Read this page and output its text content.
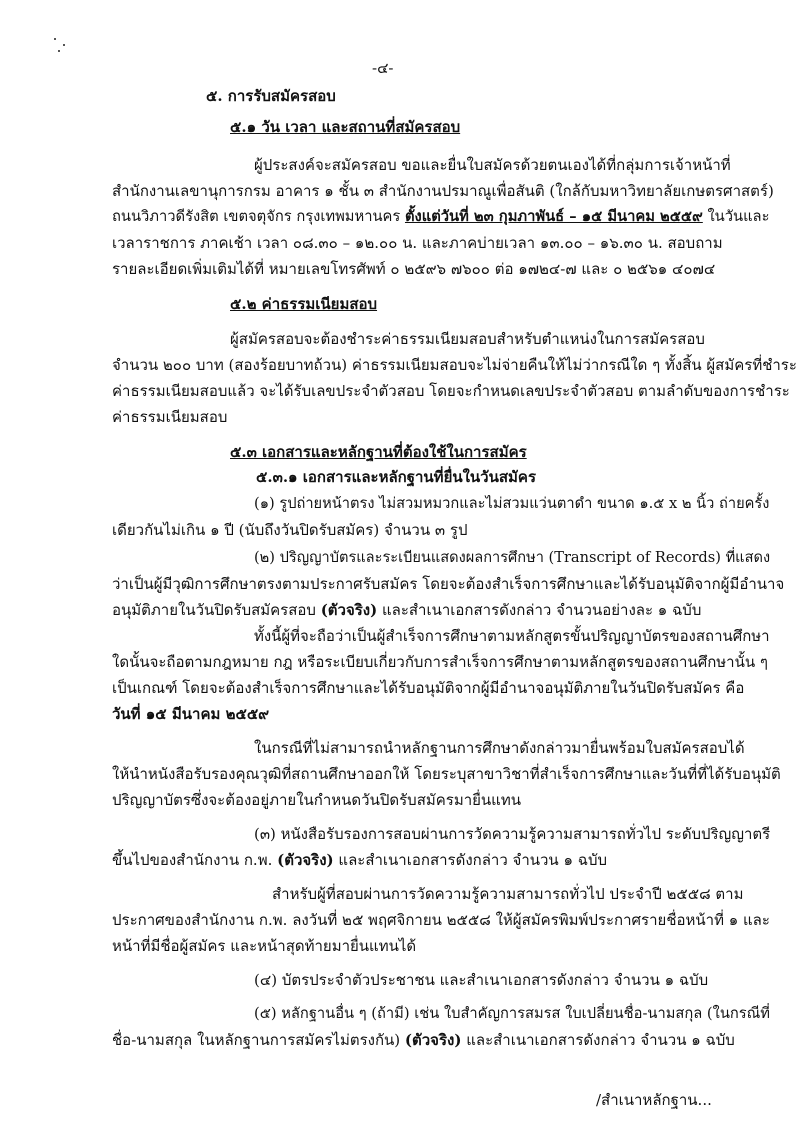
-๔-
๕. การรับสมัครสอบ
๕.๑ วัน เวลา และสถานที่สมัครสอบ
ผู้ประสงค์จะสมัครสอบ ขอและยื่นใบสมัครด้วยตนเองได้ที่กลุ่มการเจ้าหน้าที่
สำนักงานเลขานุการกรม อาคาร ๑ ชั้น ๓ สำนักงานปรมาณูเพื่อสันติ (ใกล้กับมหาวิทยาลัยเกษตรศาสตร์)
ถนนวิภาวดีรังสิต เขตจตุจักร กรุงเทพมหานคร ตั้งแต่วันที่ ๒๓ กุมภาพันธ์ – ๑๕ มีนาคม ๒๕๕๙ ในวันและ
เวลาราชการ ภาคเช้า เวลา ๐๘.๓๐ – ๑๒.๐๐ น. และภาคบ่ายเวลา ๑๓.๐๐ – ๑๖.๓๐ น. สอบถาม
รายละเอียดเพิ่มเติมได้ที่ หมายเลขโทรศัพท์ ๐ ๒๕๙๖ ๗๖๐๐ ต่อ ๑๗๒๔-๗ และ ๐ ๒๕๖๑ ๔๐๗๔
๕.๒ ค่าธรรมเนียมสอบ
ผู้สมัครสอบจะต้องชำระค่าธรรมเนียมสอบสำหรับตำแหน่งในการสมัครสอบ
จำนวน ๒๐๐ บาท (สองร้อยบาทถ้วน) ค่าธรรมเนียมสอบจะไม่จ่ายคืนให้ไม่ว่ากรณีใด ๆ ทั้งสิ้น ผู้สมัครที่ชำระ
ค่าธรรมเนียมสอบแล้ว จะได้รับเลขประจำตัวสอบ โดยจะกำหนดเลขประจำตัวสอบ ตามลำดับของการชำระ
ค่าธรรมเนียมสอบ
๕.๓ เอกสารและหลักฐานที่ต้องใช้ในการสมัคร
๕.๓.๑ เอกสารและหลักฐานที่ยื่นในวันสมัคร
(๑) รูปถ่ายหน้าตรง ไม่สวมหมวกและไม่สวมแว่นตาดำ ขนาด ๑.๕ x ๒ นิ้ว ถ่ายครั้ง
เดียวกันไม่เกิน ๑ ปี (นับถึงวันปิดรับสมัคร) จำนวน ๓ รูป
(๒) ปริญญาบัตรและระเบียนแสดงผลการศึกษา (Transcript of Records) ที่แสดง
ว่าเป็นผู้มีวุฒิการศึกษาตรงตามประกาศรับสมัคร โดยจะต้องสำเร็จการศึกษาและได้รับอนุมัติจากผู้มีอำนาจ
อนุมัติภายในวันปิดรับสมัครสอบ (ตัวจริง) และสำเนาเอกสารดังกล่าว จำนวนอย่างละ ๑ ฉบับ
ทั้งนี้ผู้ที่จะถือว่าเป็นผู้สำเร็จการศึกษาตามหลักสูตรขั้นปริญญาบัตรของสถานศึกษา
ใดนั้นจะถือตามกฎหมาย กฎ หรือระเบียบเกี่ยวกับการสำเร็จการศึกษาตามหลักสูตรของสถานศึกษานั้น ๆ
เป็นเกณฑ์ โดยจะต้องสำเร็จการศึกษาและได้รับอนุมัติจากผู้มีอำนาจอนุมัติภายในวันปิดรับสมัคร คือ
วันที่ ๑๕ มีนาคม ๒๕๕๙
ในกรณีที่ไม่สามารถนำหลักฐานการศึกษาดังกล่าวมายื่นพร้อมใบสมัครสอบได้
ให้นำหนังสือรับรองคุณวุฒิที่สถานศึกษาออกให้ โดยระบุสาขาวิชาที่สำเร็จการศึกษาและวันที่ที่ได้รับอนุมัติ
ปริญญาบัตรซึ่งจะต้องอยู่ภายในกำหนดวันปิดรับสมัครมายื่นแทน
(๓) หนังสือรับรองการสอบผ่านการวัดความรู้ความสามารถทั่วไป ระดับปริญญาตรี
ขึ้นไปของสำนักงาน ก.พ. (ตัวจริง) และสำเนาเอกสารดังกล่าว จำนวน ๑ ฉบับ
สำหรับผู้ที่สอบผ่านการวัดความรู้ความสามารถทั่วไป ประจำปี ๒๕๕๘ ตาม
ประกาศของสำนักงาน ก.พ. ลงวันที่ ๒๕ พฤศจิกายน ๒๕๕๘ ให้ผู้สมัครพิมพ์ประกาศรายชื่อหน้าที่ ๑ และ
หน้าที่มีชื่อผู้สมัคร และหน้าสุดท้ายมายื่นแทนได้
(๔) บัตรประจำตัวประชาชน และสำเนาเอกสารดังกล่าว จำนวน ๑ ฉบับ
(๕) หลักฐานอื่น ๆ (ถ้ามี) เช่น ใบสำคัญการสมรส ใบเปลี่ยนชื่อ-นามสกุล (ในกรณีที่
ชื่อ-นามสกุล ในหลักฐานการสมัครไม่ตรงกัน) (ตัวจริง) และสำเนาเอกสารดังกล่าว จำนวน ๑ ฉบับ
/สำเนาหลักฐาน...
